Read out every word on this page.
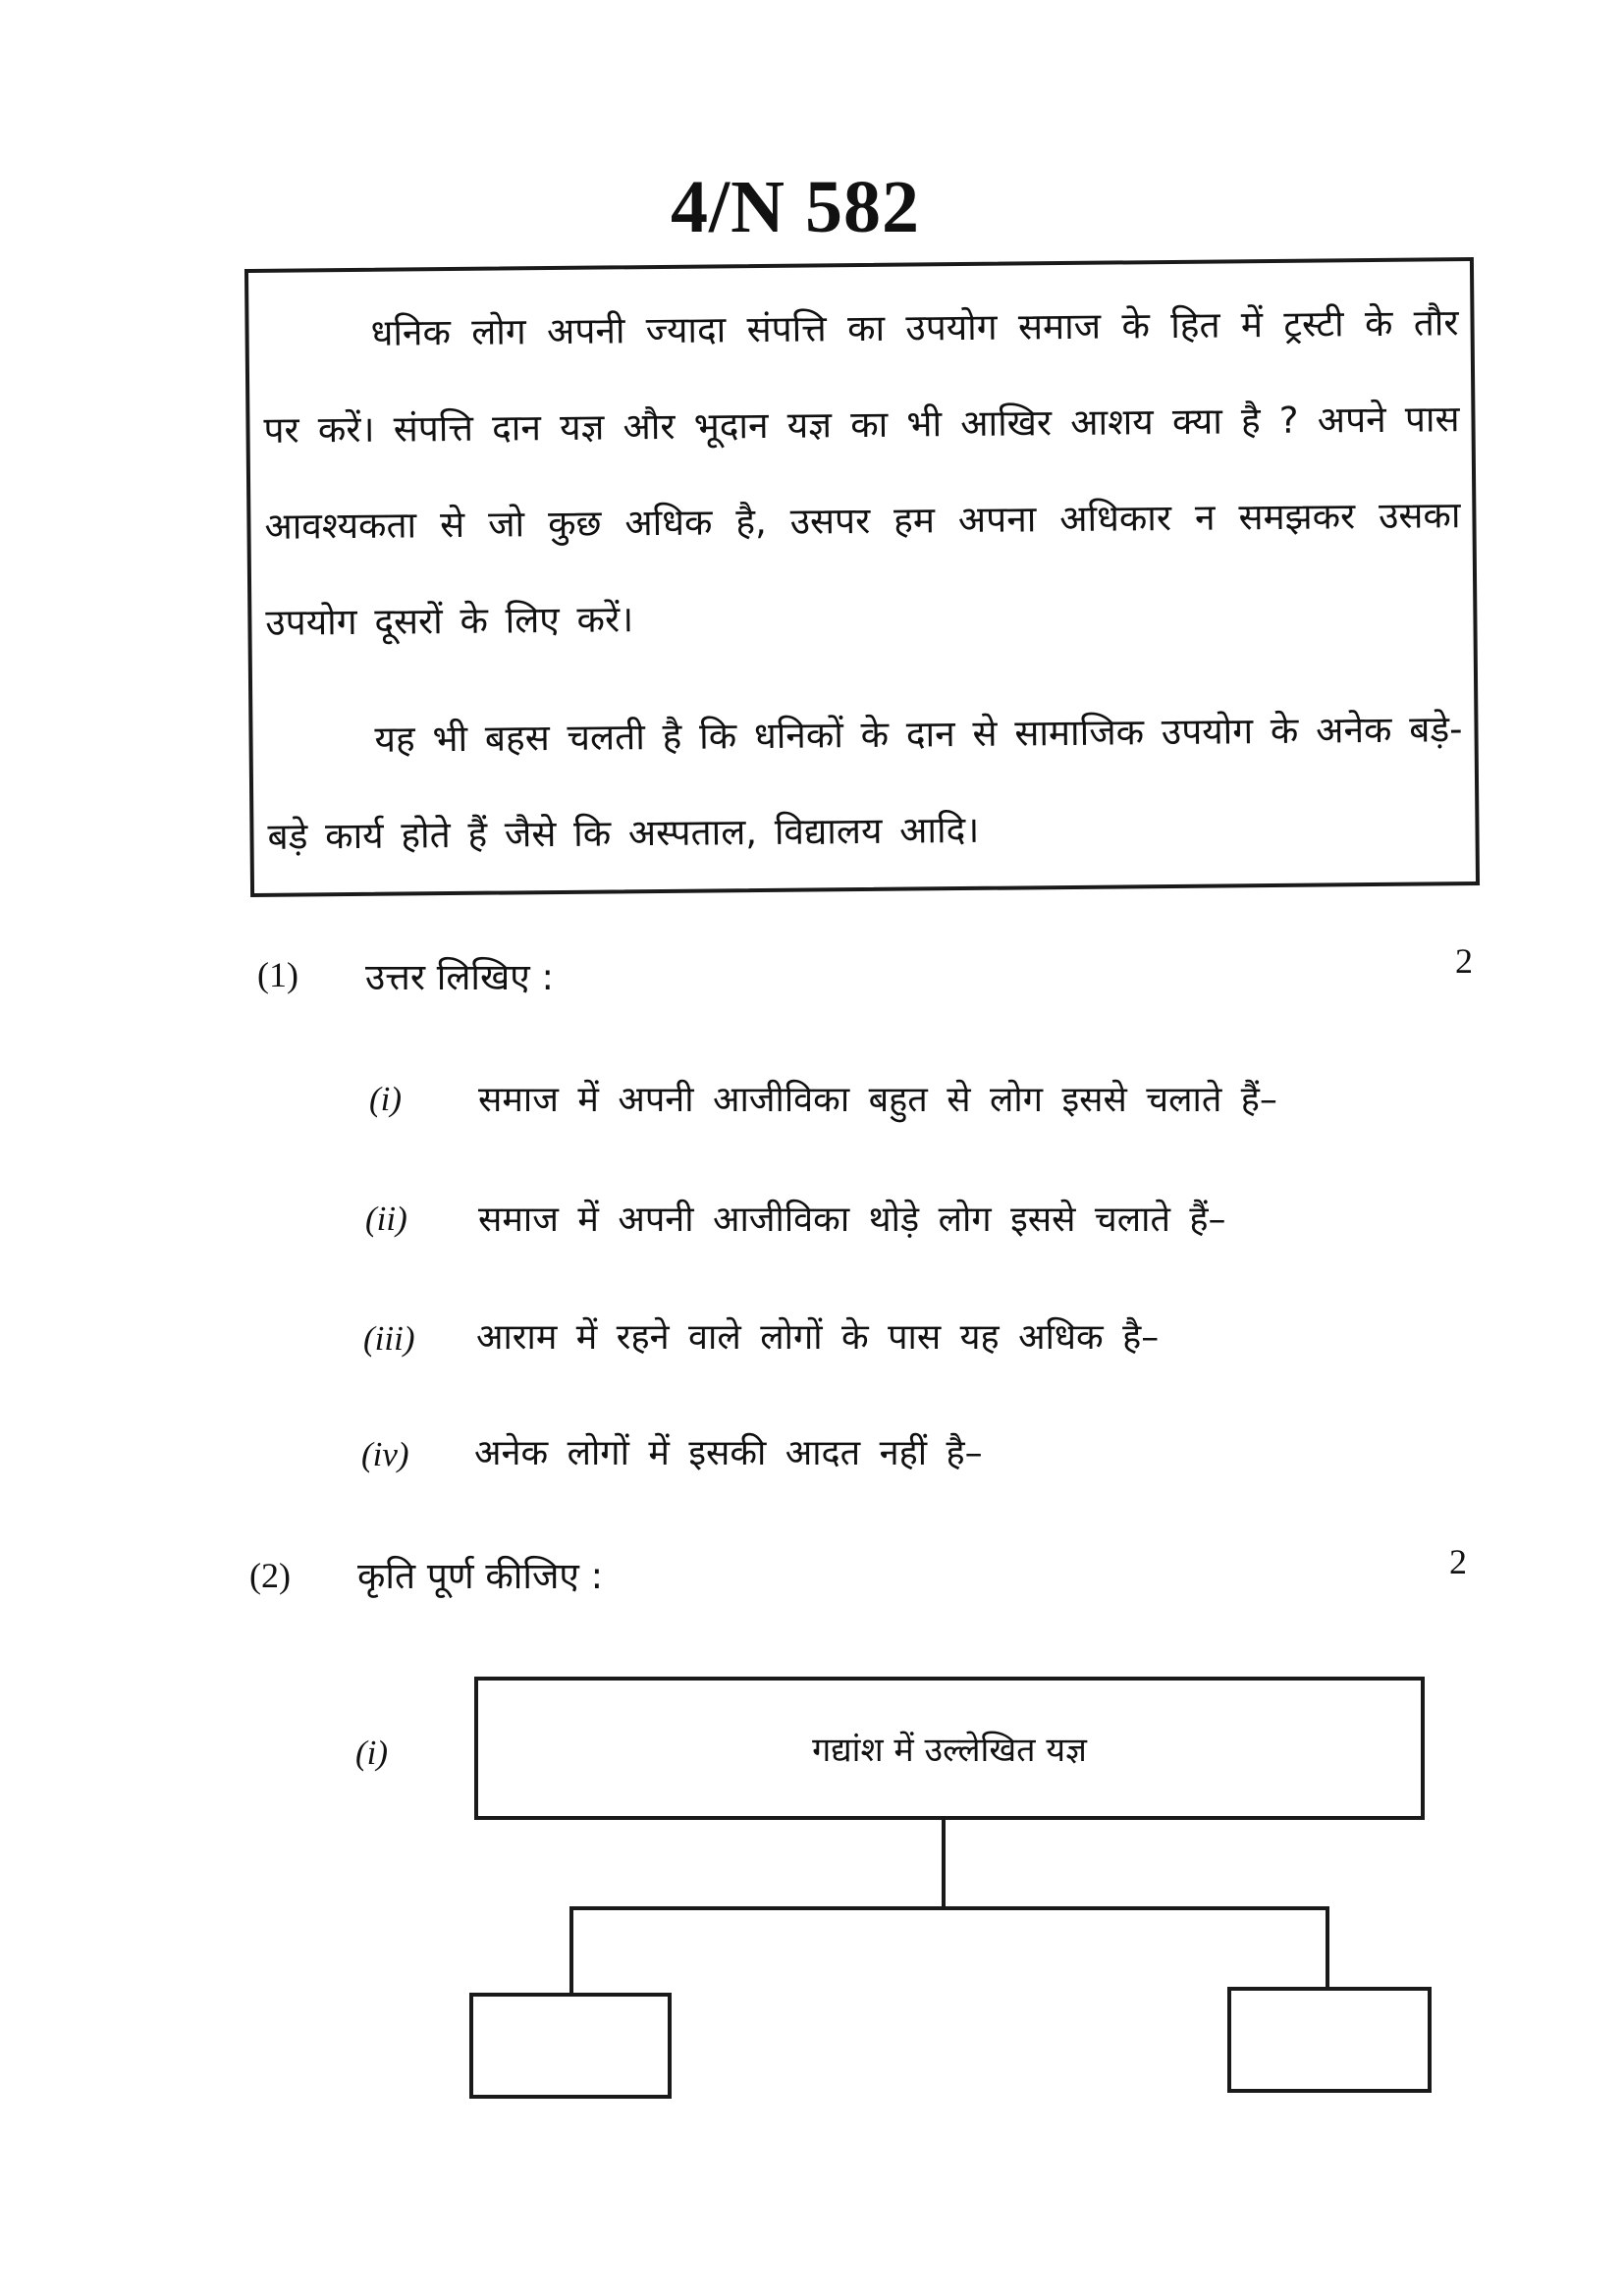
4/N 582

धनिक लोग अपनी ज्यादा संपत्ति का उपयोग समाज के हित में ट्रस्टी के तौर पर करें। संपत्ति दान यज्ञ और भूदान यज्ञ का भी आखिर आशय क्या है ? अपने पास आवश्यकता से जो कुछ अधिक है, उसपर हम अपना अधिकार न समझकर उसका उपयोग दूसरों के लिए करें।

यह भी बहस चलती है कि धनिकों के दान से सामाजिक उपयोग के अनेक बड़े-बड़े कार्य होते हैं जैसे कि अस्पताल, विद्यालय आदि।

(1) उत्तर लिखिए :	2
(i) समाज में अपनी आजीविका बहुत से लोग इससे चलाते हैं–
(ii) समाज में अपनी आजीविका थोड़े लोग इससे चलाते हैं–
(iii) आराम में रहने वाले लोगों के पास यह अधिक है–
(iv) अनेक लोगों में इसकी आदत नहीं है–
(2) कृति पूर्ण कीजिए :	2
(i)	गद्यांश में उल्लेखित यज्ञ
